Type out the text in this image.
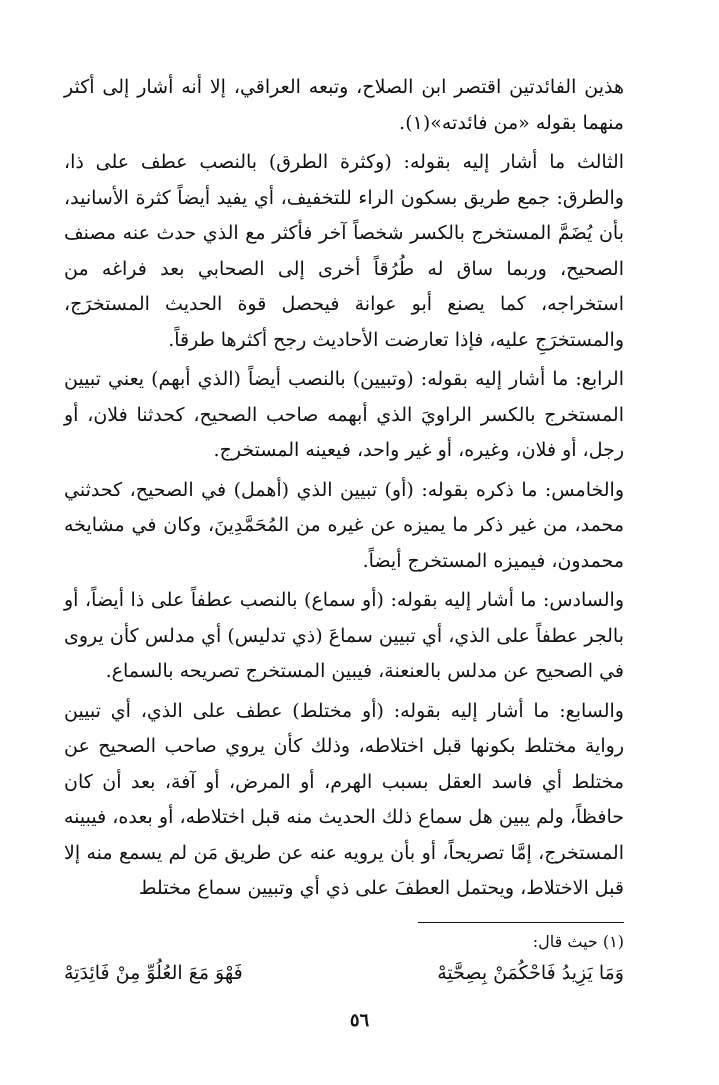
هذين الفائدتين اقتصر ابن الصلاح، وتبعه العراقي، إلا أنه أشار إلى أكثر منهما بقوله «من فائدته»(١).

الثالث ما أشار إليه بقوله: (وكثرة الطرق) بالنصب عطف على ذا، والطرق: جمع طريق بسكون الراء للتخفيف، أي يفيد أيضاً كثرة الأسانيد، بأن يُضَمَّ المستخرج بالكسر شخصاً آخر فأكثر مع الذي حدث عنه مصنف الصحيح، وربما ساق له طُرُقاً أخرى إلى الصحابي بعد فراغه من استخراجه، كما يصنع أبو عوانة فيحصل قوة الحديث المستخرَج، والمستخرَجِ عليه، فإذا تعارضت الأحاديث رجح أكثرها طرقاً.

الرابع: ما أشار إليه بقوله: (وتبيين) بالنصب أيضاً (الذي أبهم) يعني تبيين المستخرج بالكسر الراويَ الذي أبهمه صاحب الصحيح، كحدثنا فلان، أو رجل، أو فلان، وغيره، أو غير واحد، فيعينه المستخرج.

والخامس: ما ذكره بقوله: (أو) تبيين الذي (أهمل) في الصحيح، كحدثني محمد، من غير ذكر ما يميزه عن غيره من المُحَمَّدِينَ، وكان في مشايخه محمدون، فيميزه المستخرج أيضاً.

والسادس: ما أشار إليه بقوله: (أو سماع) بالنصب عطفاً على ذا أيضاً، أو بالجر عطفاً على الذي، أي تبيين سماعَ (ذي تدليس) أي مدلس كأن يروى في الصحيح عن مدلس بالعنعنة، فيبين المستخرج تصريحه بالسماع.

والسابع: ما أشار إليه بقوله: (أو مختلط) عطف على الذي، أي تبيين رواية مختلط بكونها قبل اختلاطه، وذلك كأن يروي صاحب الصحيح عن مختلط أي فاسد العقل بسبب الهرم، أو المرض، أو آفة، بعد أن كان حافظاً، ولم يبين هل سماع ذلك الحديث منه قبل اختلاطه، أو بعده، فيبينه المستخرج، إمَّا تصريحاً، أو بأن يرويه عنه عن طريق مَن لم يسمع منه إلا قبل الاختلاط، ويحتمل العطفَ على ذي أي وتبيين سماع مختلط

(١) حيث قال:
وَمَا يَزِيدُ فَاحْكُمَنْ بِصِحَّتِهْ
فَهْوَ مَعَ العُلُوِّ مِنْ فَائِدَتِهْ
٥٦
